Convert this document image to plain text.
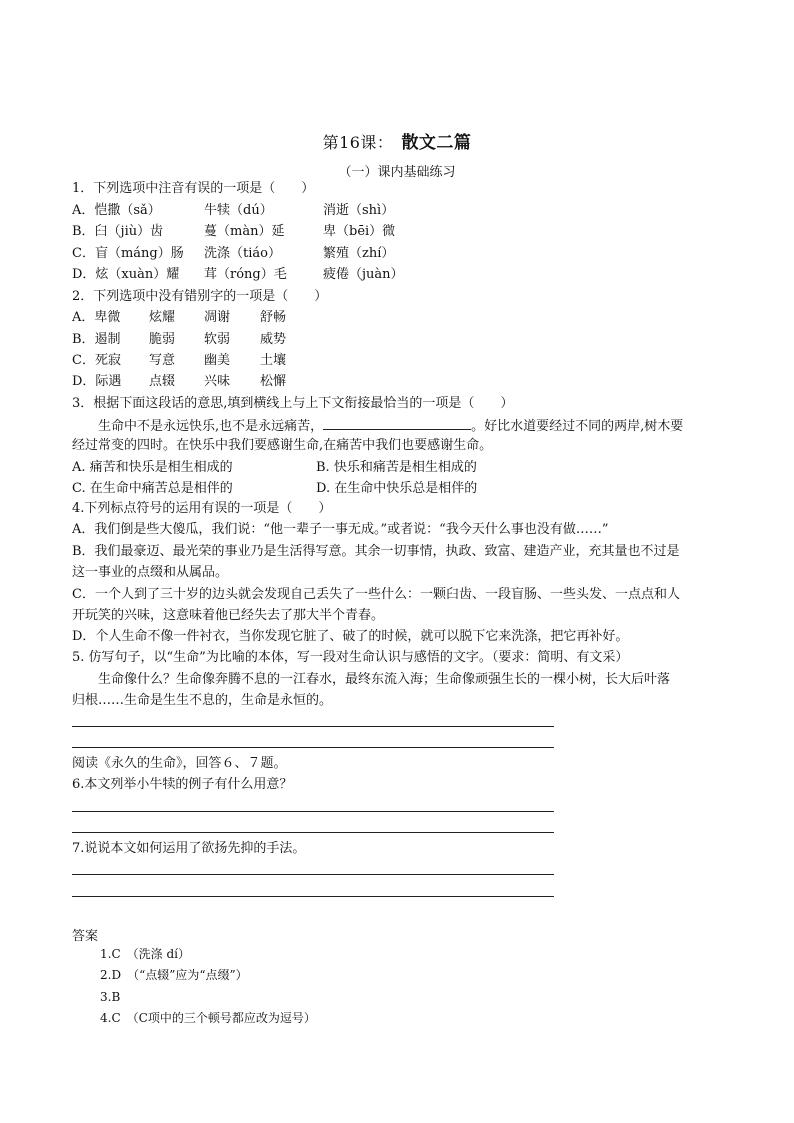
第16课： 散文二篇
（一）课内基础练习
1．下列选项中注音有误的一项是（　　）
A．恺撒（sǎ）	牛犊（dú）	消逝（shì）
B．臼（jiù）齿	蔓（màn）延	卑（bēi）微
C．盲（máng）肠 洗涤（tiáo）	繁殖（zhí）
D．炫（xuàn）耀 茸（róng）毛	疲倦（juàn）
2．下列选项中没有错别字的一项是（　　）
A．卑微 炫耀 凋谢 舒畅
B．遏制 脆弱 软弱 威势
C．死寂 写意 幽美 土壤
D．际遇 点辍 兴味 松懈
3．根据下面这段话的意思,填到横线上与上下文衔接最恰当的一项是（　　）
生命中不是永远快乐,也不是永远痛苦，	。好比水道要经过不同的两岸,树木要
经过常变的四时。在快乐中我们要感谢生命,在痛苦中我们也要感谢生命。
A. 痛苦和快乐是相生相成的	B. 快乐和痛苦是相生相成的
C. 在生命中痛苦总是相伴的	D. 在生命中快乐总是相伴的
4.下列标点符号的运用有误的一项是（　　）
A．我们倒是些大傻瓜，我们说：“他一辈子一事无成。”或者说：“我今天什么事也没有做……”
B．我们最豪迈、最光荣的事业乃是生活得写意。其余一切事情，执政、致富、建造产业，充其量也不过是
这一事业的点缀和从属品。
C．一个人到了三十岁的边头就会发现自己丢失了一些什么：一颗臼齿、一段盲肠、一些头发、一点点和人
开玩笑的兴味，这意味着他已经失去了那大半个青春。
D．个人生命不像一件衬衣，当你发现它脏了、破了的时候，就可以脱下它来洗涤，把它再补好。
5. 仿写句子，以“生命”为比喻的本体，写一段对生命认识与感悟的文字。（要求：简明、有文采）
生命像什么？生命像奔腾不息的一江春水，最终东流入海；生命像顽强生长的一棵小树，长大后叶落
归根……生命是生生不息的，生命是永恒的。
阅读《永久的生命》，回答６、７题。
6.本文列举小牛犊的例子有什么用意？
7.说说本文如何运用了欲扬先抑的手法。
答案
1.C　（洗涤 dí）
2.D　（“点辍”应为“点缀”）
3.B
4.C　（C项中的三个顿号都应改为逗号）
